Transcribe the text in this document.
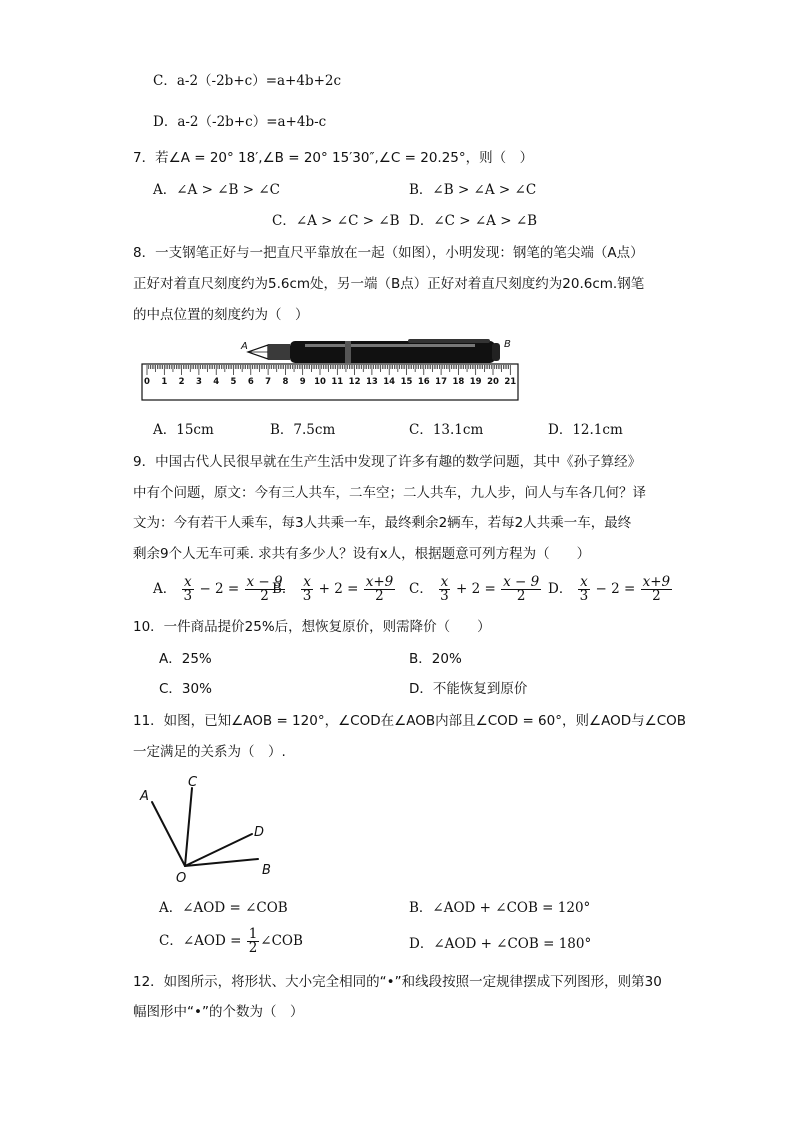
C．a-2（-2b+c）=a+4b+2c
D．a-2（-2b+c）=a+4b-c
7．若∠A = 20° 18′,∠B = 20° 15′30″,∠C = 20.25°，则（　）
A．∠A > ∠B > ∠C	B．∠B > ∠A > ∠C
C．∠A > ∠C > ∠B D．∠C > ∠A > ∠B
8．一支钢笔正好与一把直尺平靠放在一起（如图），小明发现：钢笔的笔尖端（A点）
正好对着直尺刻度约为5.6cm处，另一端（B点）正好对着直尺刻度约为20.6cm.钢笔
的中点位置的刻度约为（　）
A	B
0 1 2 3 4 5 6 7 8 9 10 11 12 13 14 15 16 17 18 19 20 21
A．15cm	B．7.5cm	C．13.1cm	D．12.1cm
9．中国古代人民很早就在生产生活中发现了许多有趣的数学问题，其中《孙子算经》
中有个问题，原文：今有三人共车，二车空；二人共车，九人步，问人与车各几何？译
文为：今有若干人乘车，每3人共乘一车，最终剩余2辆车，若每2人共乘一车，最终
剩余9个人无车可乘. 求共有多少人？设有x人，根据题意可列方程为（　　）
A． $\frac{x}{3} - 2 = \frac{x - 9}{2}$
B． $\frac{x}{3} + 2 = \frac{x+9}{2}$ C． $\frac{x}{3} + 2 = \frac{x - 9}{2}$ D． $\frac{x}{3} - 2 = \frac{x+9}{2}$
10．一件商品提价25%后，想恢复原价，则需降价（　　）
A．25%	B．20%
C．30%	D．不能恢复到原价
11．如图，已知∠AOB = 120°，∠COD在∠AOB内部且∠COD = 60°，则∠AOD与∠COB
一定满足的关系为（　）.
A
C
D
B
O
A．∠AOD = ∠COB	B．∠AOD + ∠COB = 120°
C．∠AOD = $\frac{1}{2}$ ∠COB	D．∠AOD + ∠COB = 180°
12．如图所示，将形状、大小完全相同的“•”和线段按照一定规律摆成下列图形，则第30
幅图形中“•”的个数为（　）
